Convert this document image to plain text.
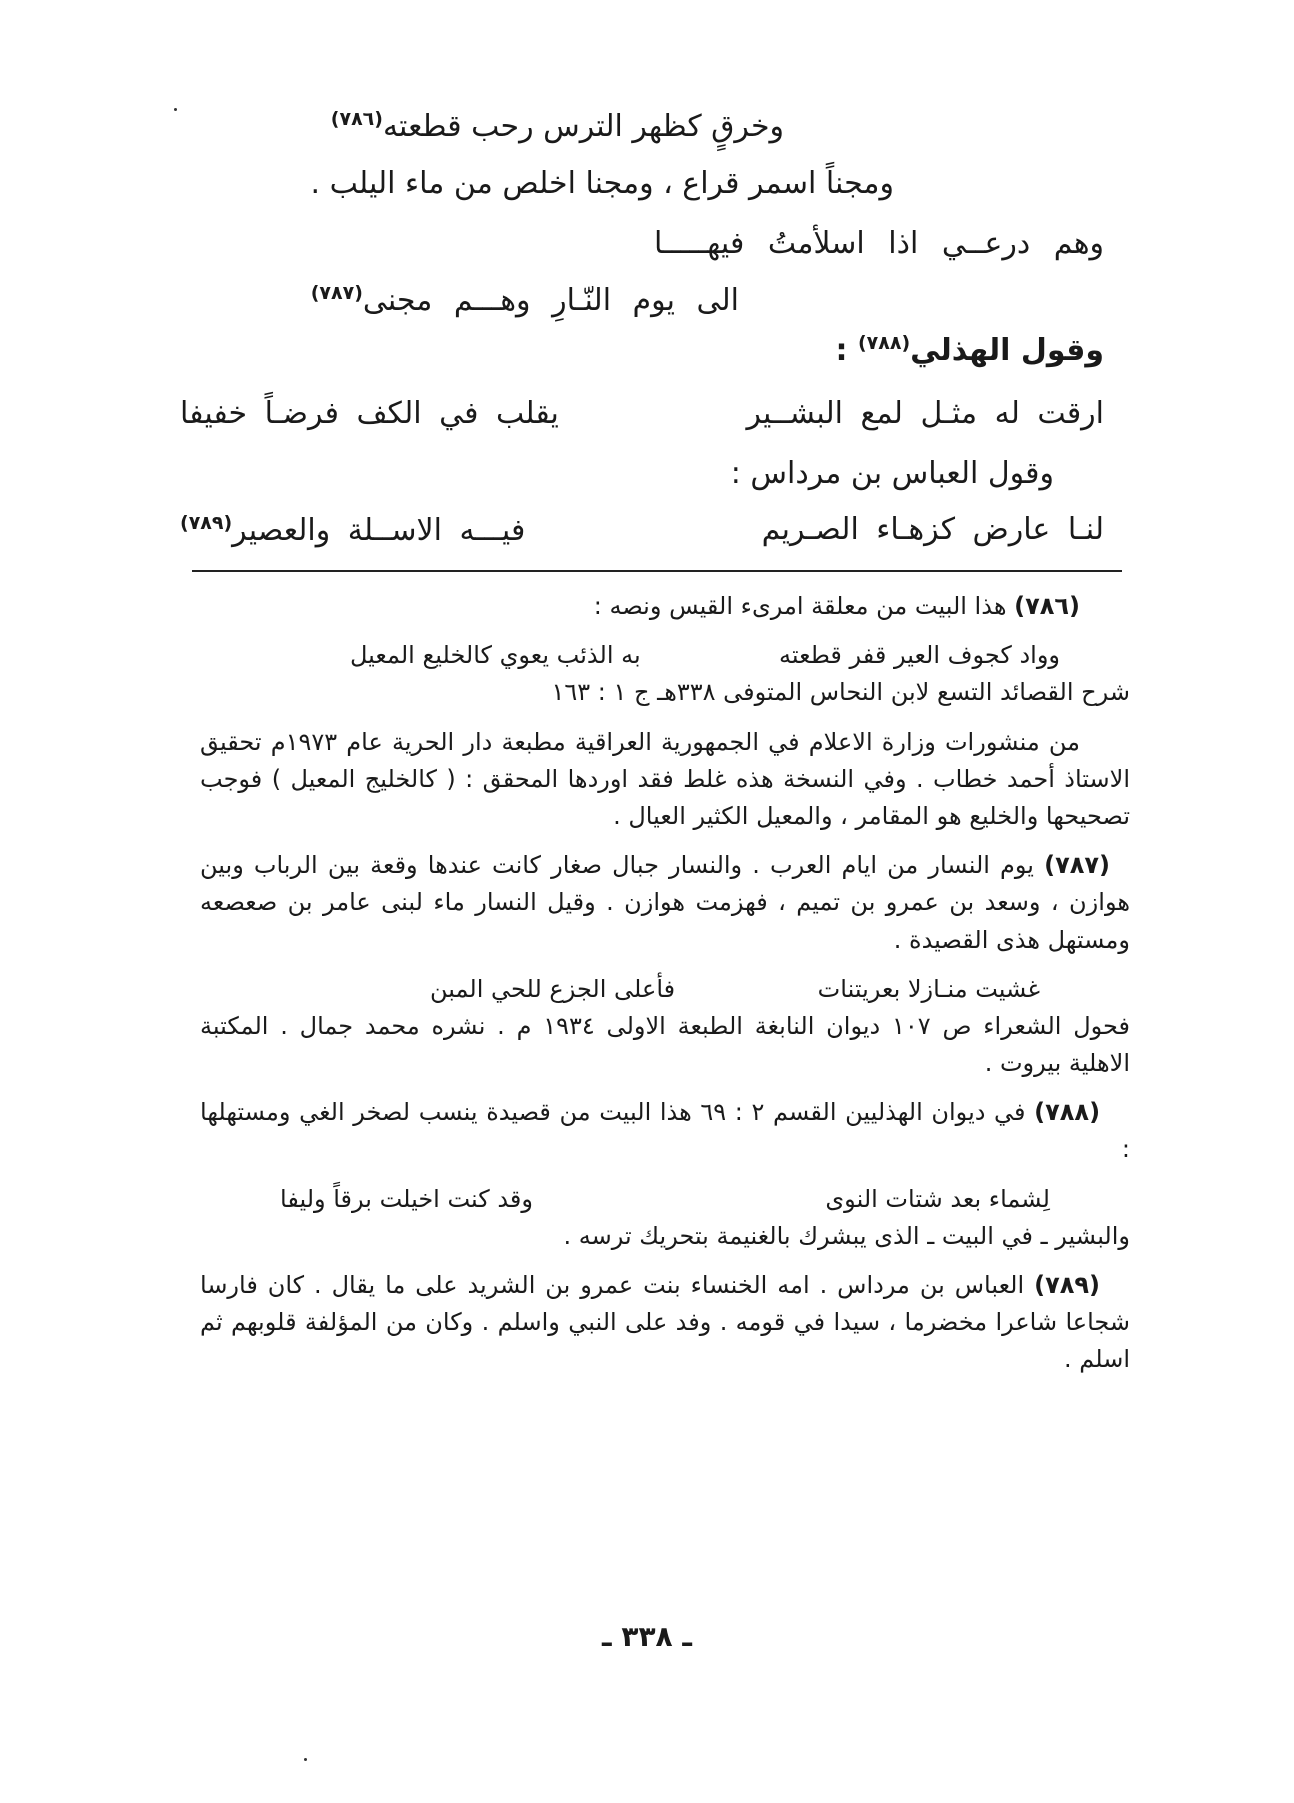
وخرقٍ كظهر الترس رحب قطعته$^{(٧٨٦)}$
ومجناً اسمر قراع ، ومجنا اخلص من ماء اليلب .
وهم درعــي اذا اسلأمتُ فيهـــــا
الى يوم النّـارِ وهـــم مجنى$^{(٧٨٧)}$
وقول الهذلي$^{(٧٨٨)}$ :
ارقت له مثـل لمع البشــير
يقلب في الكف فرضـاً خفيفا
وقول العباس بن مرداس :
لنـا عارض كزهـاء الصـريم
فيـــه الاســلة والعصير(٧٨٩)

(٧٨٦) هذا البيت من معلقة امرىء القيس ونصه :

وواد كجوف العير قفر قطعته
به الذئب يعوي كالخليع المعيل

شرح القصائد التسع لابن النحاس المتوفى ٣٣٨هـ ج ١ : ١٦٣

من منشورات وزارة الاعلام في الجمهورية العراقية مطبعة دار الحرية عام ١٩٧٣م تحقيق الاستاذ أحمد خطاب . وفي النسخة هذه غلط فقد اوردها المحقق : ( كالخليج المعيل ) فوجب تصحيحها والخليع هو المقامر ، والمعيل الكثير العيال .

(٧٨٧) يوم النسار من ايام العرب . والنسار جبال صغار كانت عندها وقعة بين الرباب وبين هوازن ، وسعد بن عمرو بن تميم ، فهزمت هوازن . وقيل النسار ماء لبنى عامر بن صعصعه ومستهل هذى القصيدة .

غشيت منـازلا بعريتنات
فأعلى الجزع للحي المبن

فحول الشعراء ص ١٠٧ ديوان النابغة الطبعة الاولى ١٩٣٤ م . نشره محمد جمال . المكتبة الاهلية بيروت .

(٧٨٨) في ديوان الهذليين القسم ٢ : ٦٩ هذا البيت من قصيدة ينسب لصخر الغي ومستهلها :

لِشماء بعد شتات النوى
وقد كنت اخيلت برقاً وليفا

والبشير ـ في البيت ـ الذى يبشرك بالغنيمة بتحريك ترسه .

(٧٨٩) العباس بن مرداس . امه الخنساء بنت عمرو بن الشريد على ما يقال . كان فارسا شجاعا شاعرا مخضرما ، سيدا في قومه . وفد على النبي واسلم . وكان من المؤلفة قلوبهم ثم اسلم .

ـ ٣٣٨ ـ
